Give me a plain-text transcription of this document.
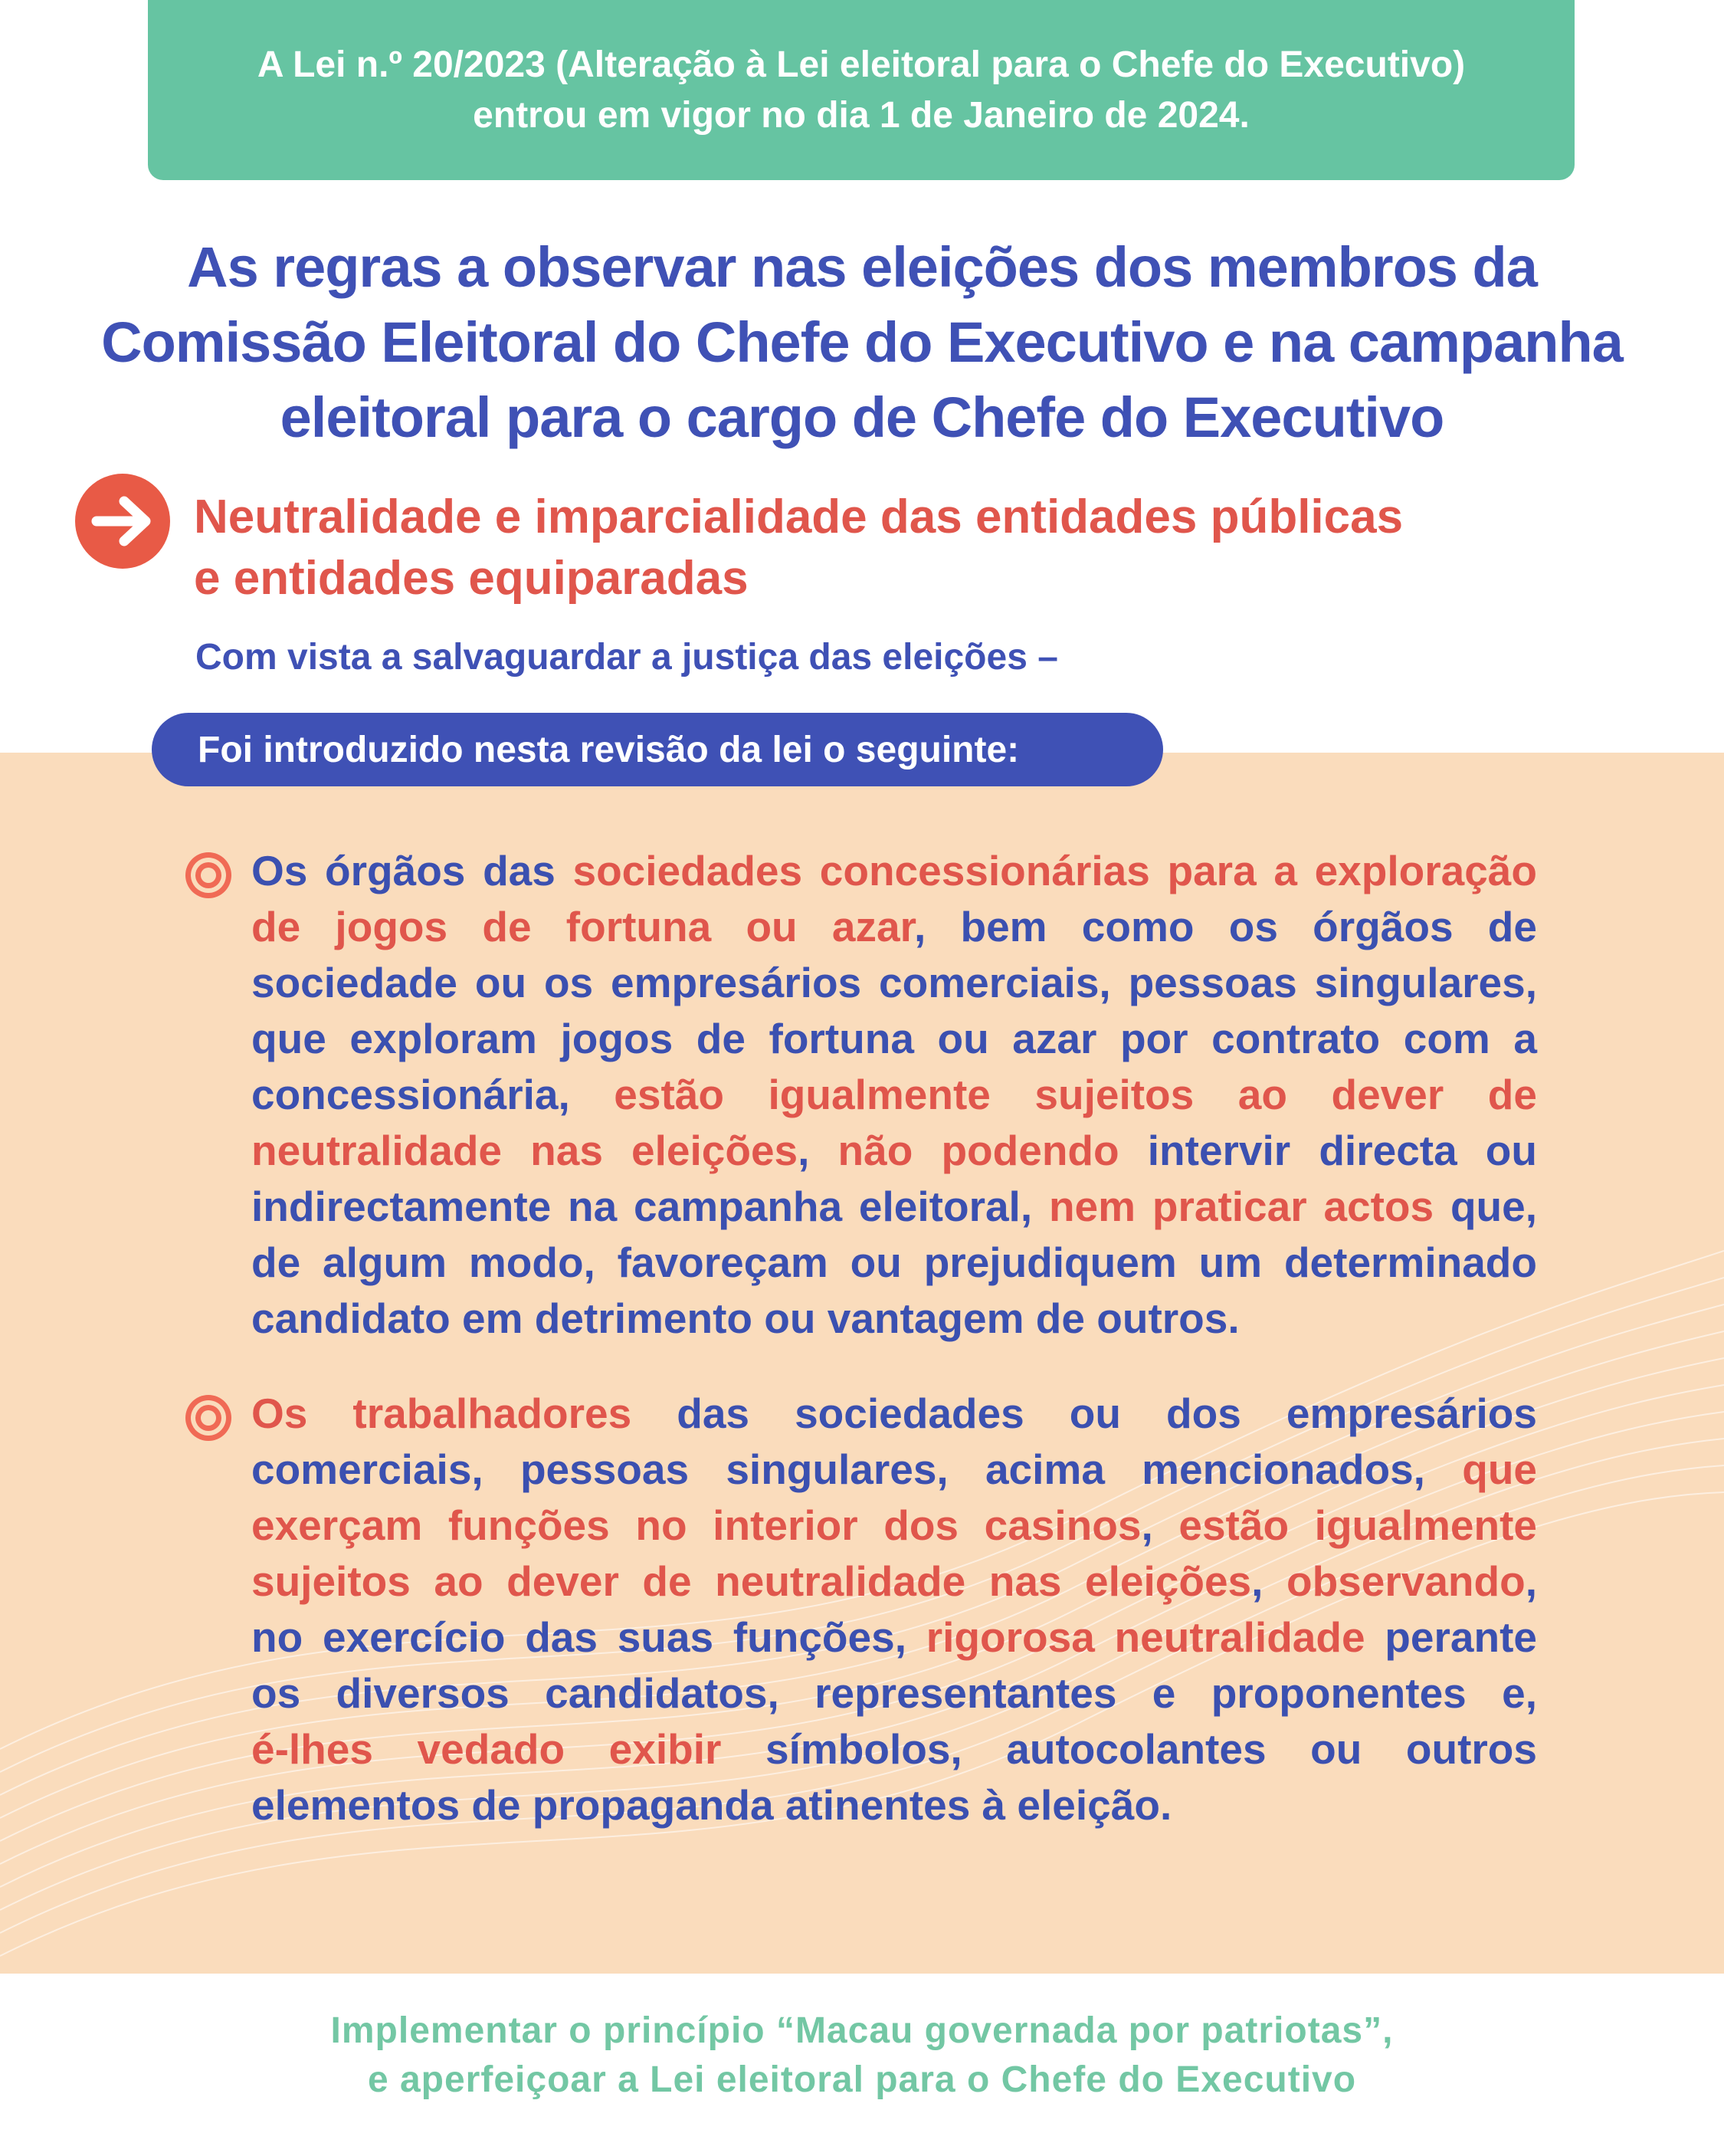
A Lei n.º 20/2023 (Alteração à Lei eleitoral para o Chefe do Executivo)
entrou em vigor no dia 1 de Janeiro de 2024.
As regras a observar nas eleições dos membros da
Comissão Eleitoral do Chefe do Executivo e na campanha
eleitoral para o cargo de Chefe do Executivo
Neutralidade e imparcialidade das entidades públicas
e entidades equiparadas
Com vista a salvaguardar a justiça das eleições –
Foi introduzido nesta revisão da lei o seguinte:
Os órgãos das sociedades concessionárias para a exploração
de jogos de fortuna ou azar, bem como os órgãos de
sociedade ou os empresários comerciais, pessoas singulares,
que exploram jogos de fortuna ou azar por contrato com a
concessionária, estão igualmente sujeitos ao dever de
neutralidade nas eleições, não podendo intervir directa ou
indirectamente na campanha eleitoral, nem praticar actos que,
de algum modo, favoreçam ou prejudiquem um determinado
candidato em detrimento ou vantagem de outros.
Os trabalhadores das sociedades ou dos empresários
comerciais, pessoas singulares, acima mencionados, que
exerçam funções no interior dos casinos, estão igualmente
sujeitos ao dever de neutralidade nas eleições, observando,
no exercício das suas funções, rigorosa neutralidade perante
os diversos candidatos, representantes e proponentes e,
é-lhes vedado exibir símbolos, autocolantes ou outros
elementos de propaganda atinentes à eleição.
Implementar o princípio “Macau governada por patriotas”,
e aperfeiçoar a Lei eleitoral para o Chefe do Executivo
